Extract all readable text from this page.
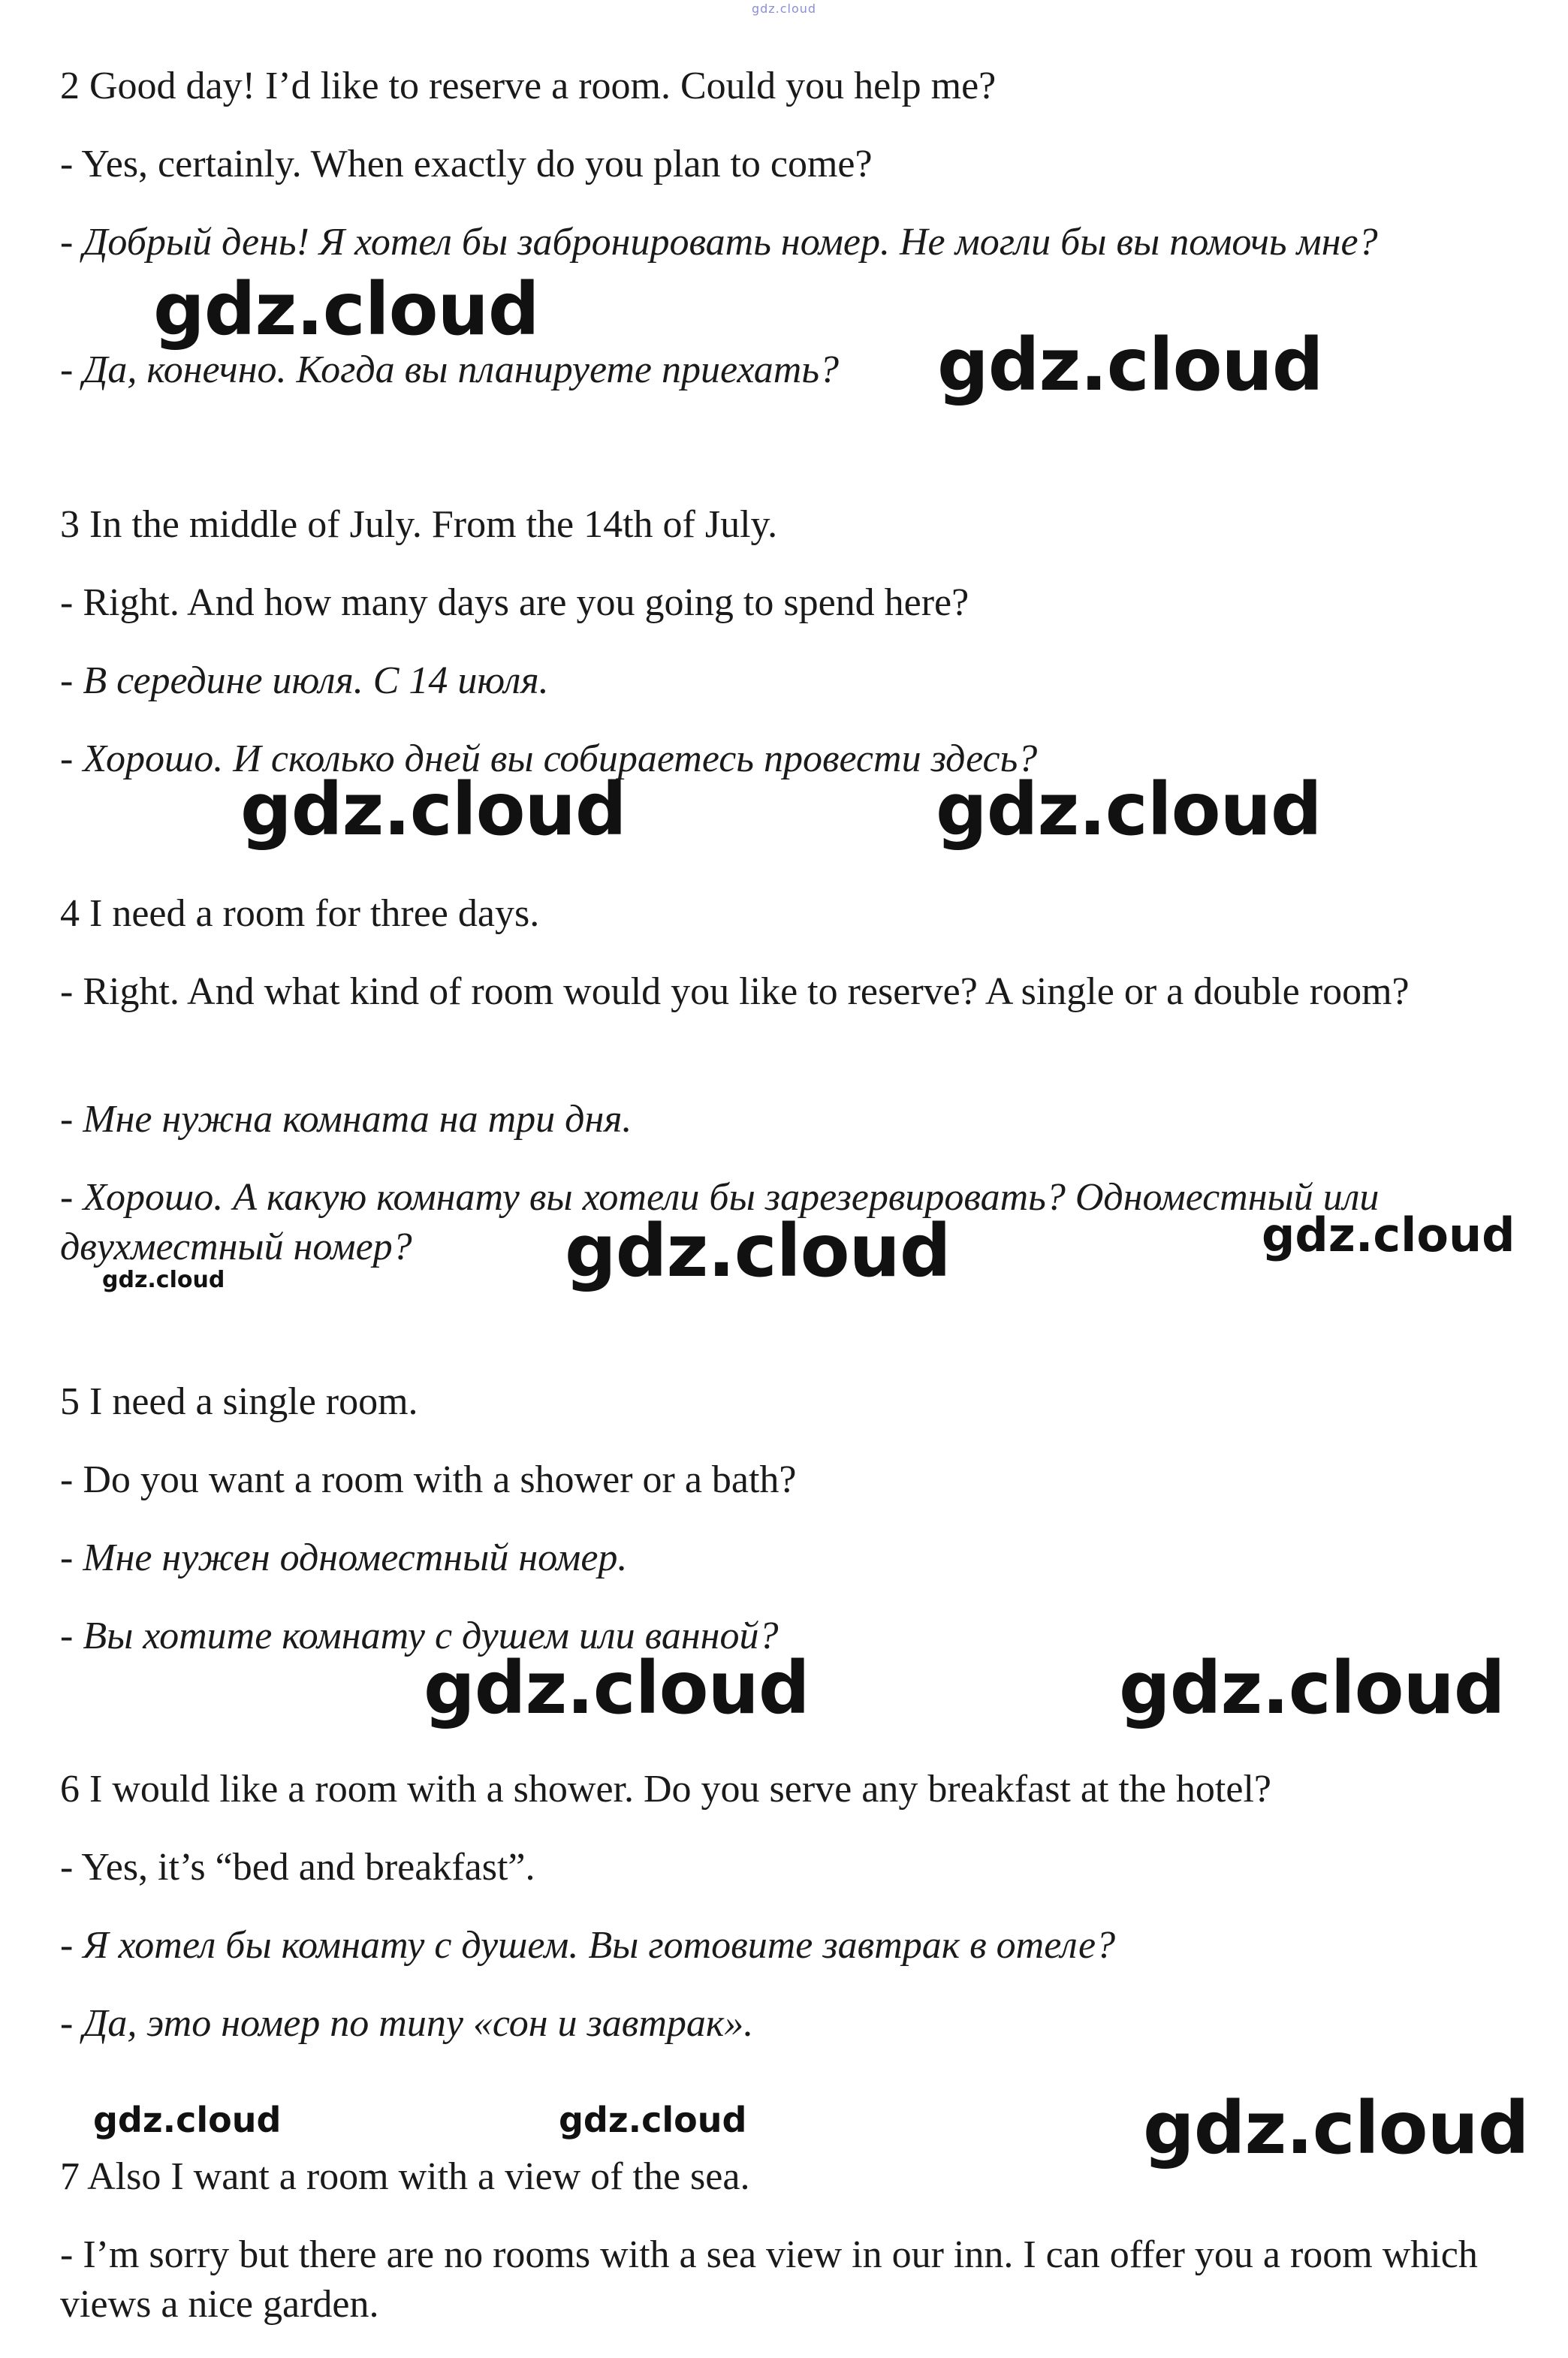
gdz.cloud
2 Good day! I’d like to reserve a room. Could you help me?
- Yes, certainly. When exactly do you plan to come?
- Добрый день! Я хотел бы забронировать номер. Не могли бы вы помочь мне?
- Да, конечно. Когда вы планируете приехать?
3 In the middle of July. From the 14th of July.
- Right. And how many days are you going to spend here?
- В середине июля. С 14 июля.
- Хорошо. И сколько дней вы собираетесь провести здесь?
4 I need a room for three days.
- Right. And what kind of room would you like to reserve? A single or a double room?
- Мне нужна комната на три дня.
- Хорошо. А какую комнату вы хотели бы зарезервировать? Одноместный или двухместный номер?
5 I need a single room.
- Do you want a room with a shower or a bath?
- Мне нужен одноместный номер.
- Вы хотите комнату с душем или ванной?
6 I would like a room with a shower. Do you serve any breakfast at the hotel?
- Yes, it’s “bed and breakfast”.
- Я хотел бы комнату с душем. Вы готовите завтрак в отеле?
- Да, это номер по типу «сон и завтрак».
7 Also I want a room with a view of the sea.
- I’m sorry but there are no rooms with a sea view in our inn. I can offer you a room which views a nice garden.
gdz.cloud
gdz.cloud
gdz.cloud	gdz.cloud
gdz.cloud	gdz.cloud
gdz.cloud
gdz.cloud	gdz.cloud
gdz.cloud	gdz.cloud	gdz.cloud
